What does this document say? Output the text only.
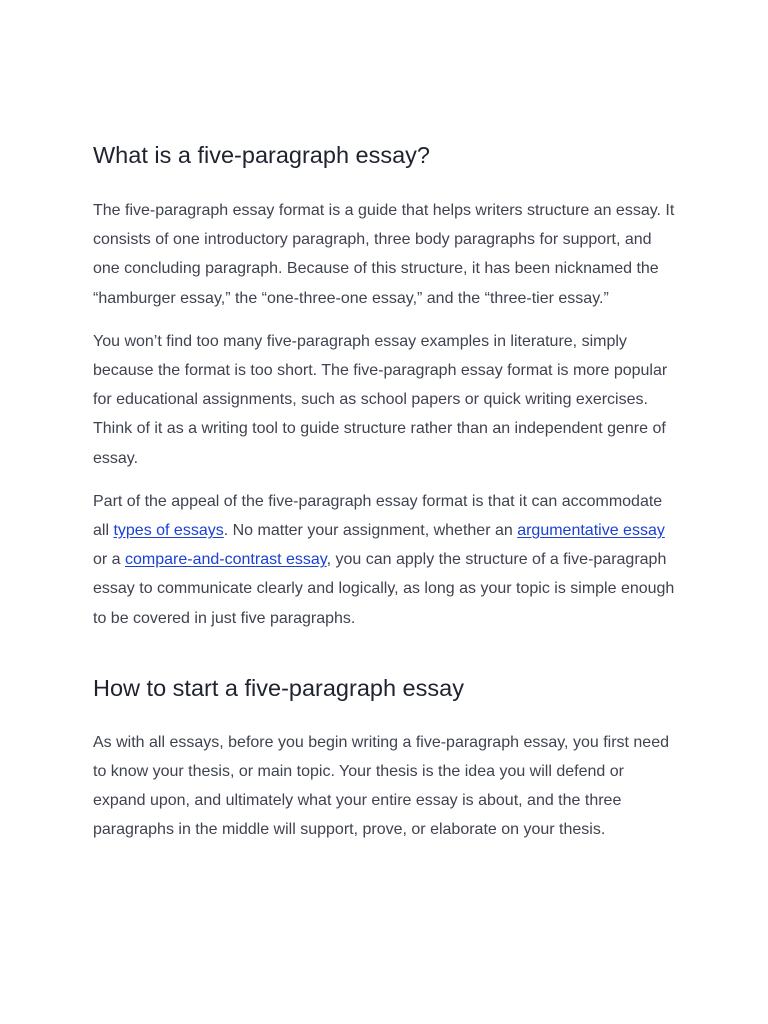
What is a five-paragraph essay?

The five-paragraph essay format is a guide that helps writers structure an essay. It consists of one introductory paragraph, three body paragraphs for support, and one concluding paragraph. Because of this structure, it has been nicknamed the “hamburger essay,” the “one-three-one essay,” and the “three-tier essay.”

You won’t find too many five-paragraph essay examples in literature, simply because the format is too short. The five-paragraph essay format is more popular for educational assignments, such as school papers or quick writing exercises. Think of it as a writing tool to guide structure rather than an independent genre of essay.

Part of the appeal of the five-paragraph essay format is that it can accommodate all types of essays. No matter your assignment, whether an argumentative essay or a compare-and-contrast essay, you can apply the structure of a five-paragraph essay to communicate clearly and logically, as long as your topic is simple enough to be covered in just five paragraphs.

How to start a five-paragraph essay

As with all essays, before you begin writing a five-paragraph essay, you first need to know your thesis, or main topic. Your thesis is the idea you will defend or expand upon, and ultimately what your entire essay is about, and the three paragraphs in the middle will support, prove, or elaborate on your thesis.
